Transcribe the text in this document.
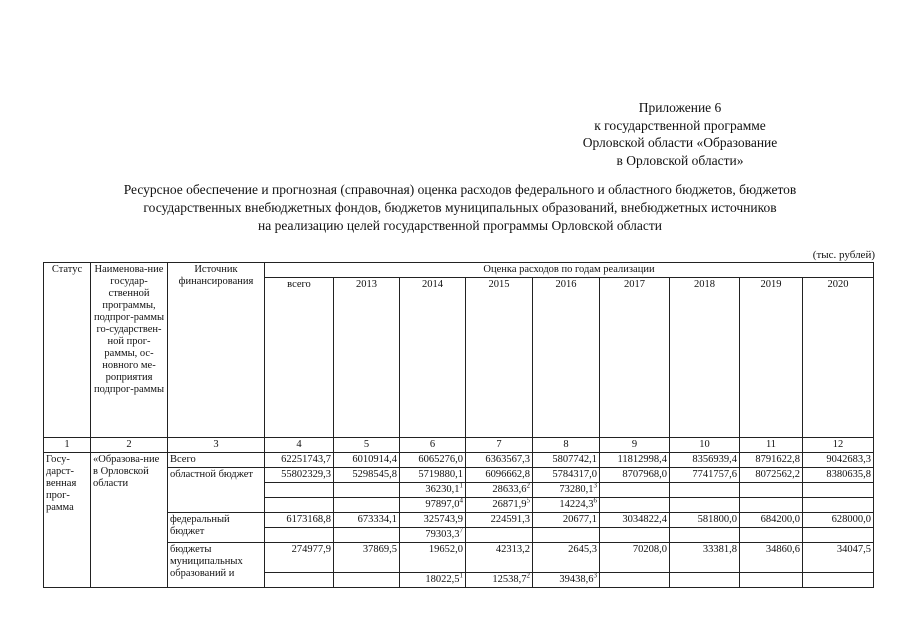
Приложение 6
к государственной программе
Орловской области «Образование
в Орловской области»
Ресурсное обеспечение и прогнозная (справочная) оценка расходов федерального и областного бюджетов, бюджетов
государственных внебюджетных фондов, бюджетов муниципальных образований, внебюджетных источников
на реализацию целей государственной программы Орловской области
(тыс. рублей)
Статус	Наименова-ние государ-ственной программы, подпрог-раммы го-сударствен-ной прог-раммы, ос-новного ме-роприятия подпрог-раммы	Источник финансирования	Оценка расходов по годам реализации								
			всего	2013	2014	2015	2016	2017	2018	2019	2020
1	2	3	4	5	6	7	8	9	10	11	12
Госу-дарст-венная прог-рамма	«Образова-ние в Орловской области	Всего	62251743,7	6010914,4	6065276,0	6363567,3	5807742,1	11812998,4	8356939,4	8791622,8	9042683,3
		областной бюджет	55802329,3	5298545,8	5719880,1	6096662,8	5784317,0	8707968,0	7741757,6	8072562,2	8380635,8
					36230,1$^1$	28633,6$^2$	73280,1$^3$				
					97897,0$^4$	26871,9$^5$	14224,3$^6$				
		федеральный бюджет	6173168,8	673334,1	325743,9	224591,3	20677,1	3034822,4	581800,0	684200,0	628000,0
					79303,3$^7$						
		бюджеты муниципальных образований и	274977,9	37869,5	19652,0	42313,2	2645,3	70208,0	33381,8	34860,6	34047,5
					18022,5$^1$	12538,7$^2$	39438,6$^3$				
